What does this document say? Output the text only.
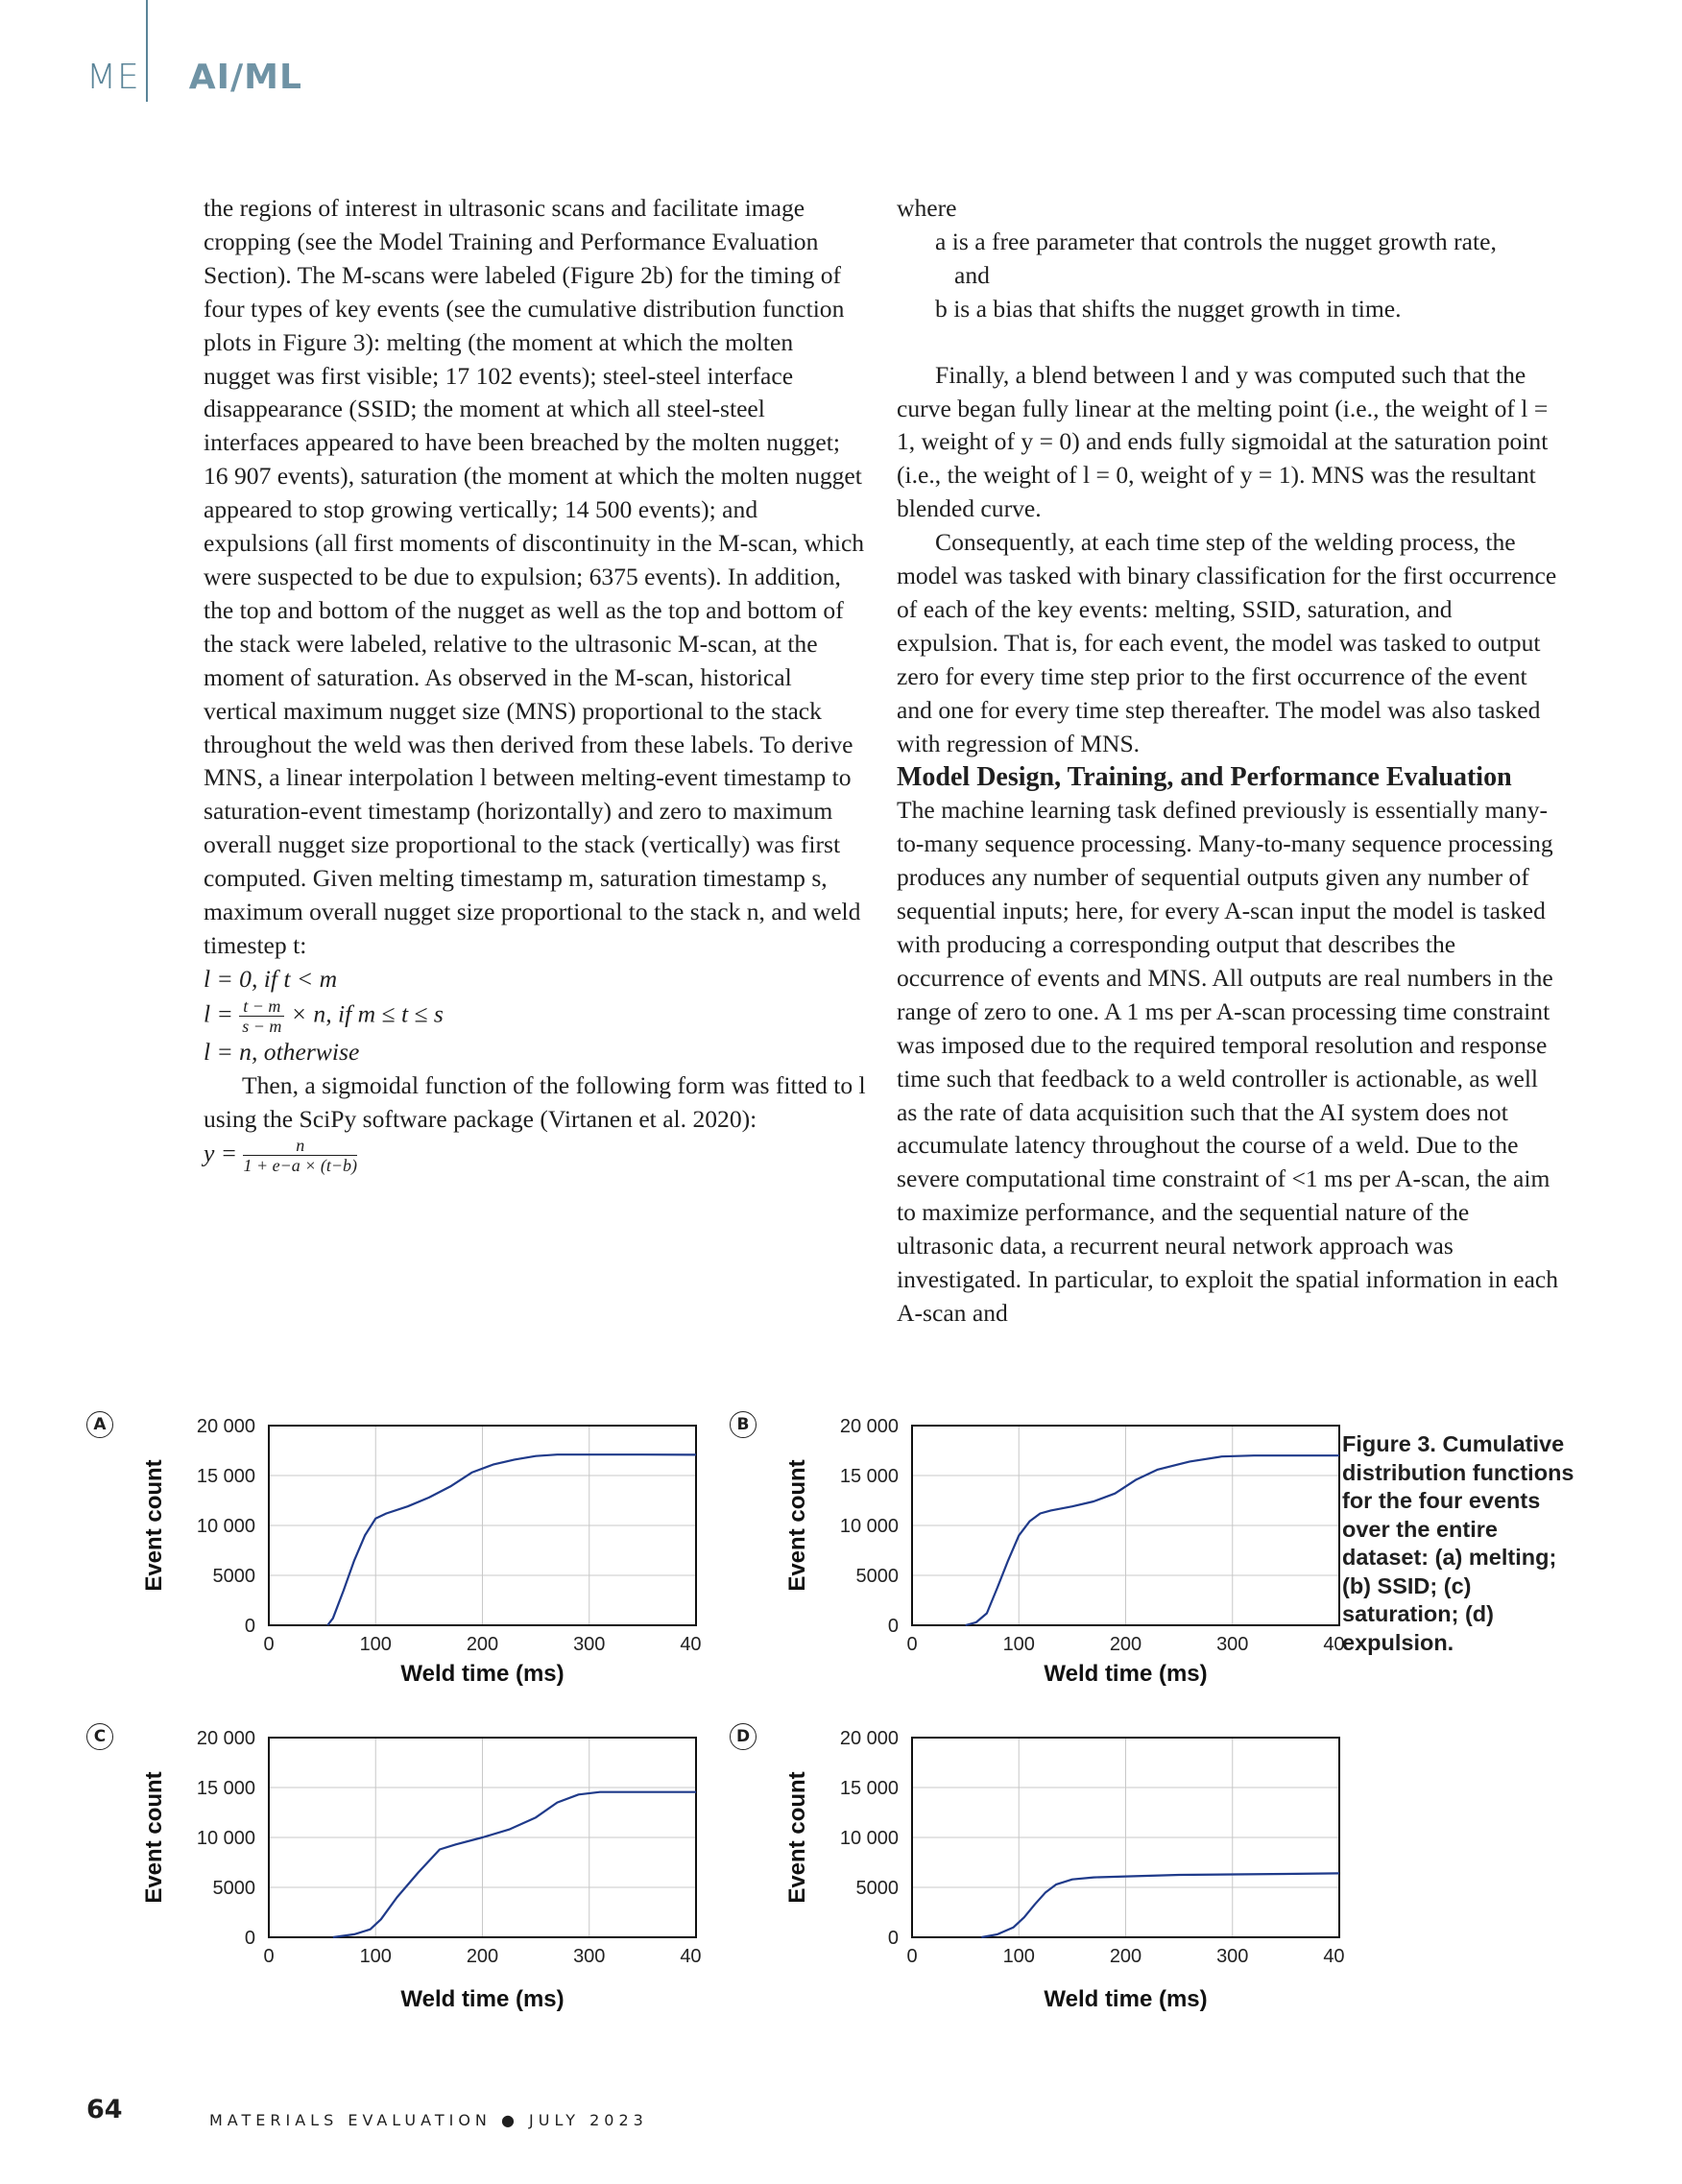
ME AI/ML

the regions of interest in ultrasonic scans and facilitate image cropping (see the Model Training and Performance Evaluation Section). The M-scans were labeled (Figure 2b) for the timing of four types of key events (see the cumulative distribution function plots in Figure 3): melting (the moment at which the molten nugget was first visible; 17 102 events); steel-steel interface disappearance (SSID; the moment at which all steel-steel interfaces appeared to have been breached by the molten nugget; 16 907 events), saturation (the moment at which the molten nugget appeared to stop growing vertically; 14 500 events); and expulsions (all first moments of discontinuity in the M-scan, which were suspected to be due to expulsion; 6375 events). In addition, the top and bottom of the nugget as well as the top and bottom of the stack were labeled, relative to the ultrasonic M-scan, at the moment of saturation. As observed in the M-scan, historical vertical maximum nugget size (MNS) proportional to the stack throughout the weld was then derived from these labels. To derive MNS, a linear interpolation l between melting-event timestamp to saturation-event timestamp (horizontally) and zero to maximum overall nugget size proportional to the stack (vertically) was first computed. Given melting timestamp m, saturation timestamp s, maximum overall nugget size proportional to the stack n, and weld timestep t:

l = 0, if t < m

$l = \frac{t - m}{s - m} \times n$, if m ≤ t ≤ s

l = n, otherwise

Then, a sigmoidal function of the following form was fitted to l using the SciPy software package (Virtanen et al. 2020):

$y = \frac{n}{1 + e-a \times (t-b)}$

where

a is a free parameter that controls the nugget growth rate,

and

b is a bias that shifts the nugget growth in time.

Finally, a blend between l and y was computed such that the curve began fully linear at the melting point (i.e., the weight of l = 1, weight of y = 0) and ends fully sigmoidal at the saturation point (i.e., the weight of l = 0, weight of y = 1). MNS was the resultant blended curve.

Consequently, at each time step of the welding process, the model was tasked with binary classification for the first occurrence of each of the key events: melting, SSID, saturation, and expulsion. That is, for each event, the model was tasked to output zero for every time step prior to the first occurrence of the event and one for every time step thereafter. The model was also tasked with regression of MNS.

Model Design, Training, and Performance Evaluation

The machine learning task defined previously is essentially many-to-many sequence processing. Many-to-many sequence processing produces any number of sequential outputs given any number of sequential inputs; here, for every A-scan input the model is tasked with producing a corresponding output that describes the occurrence of events and MNS. All outputs are real numbers in the range of zero to one. A 1 ms per A-scan processing time constraint was imposed due to the required temporal resolution and response time such that feedback to a weld controller is actionable, as well as the rate of data acquisition such that the AI system does not accumulate latency throughout the course of a weld. Due to the severe computational time constraint of <1 ms per A-scan, the aim to maximize performance, and the sequential nature of the ultrasonic data, a recurrent neural network approach was investigated. In particular, to exploit the spatial information in each A-scan and

A
0	100	200	300	40
0
5000
10 000
15 000
20 000
Weld time (ms)
Event count
B
0	100	200	300	40
0
5000
10 000
15 000
20 000
Weld time (ms)
Event count
C
0	100	200	300	40
0
5000
10 000
15 000
20 000
Weld time (ms)
Event count
D
0	100	200	300	40
0
5000
10 000
15 000
20 000
Weld time (ms)
Event count
Figure 3. Cumulative distribution functions for the four events over the entire dataset: (a) melting; (b) SSID; (c) saturation; (d) expulsion.
64	MATERIALS EVALUATION ● JULY 2023
